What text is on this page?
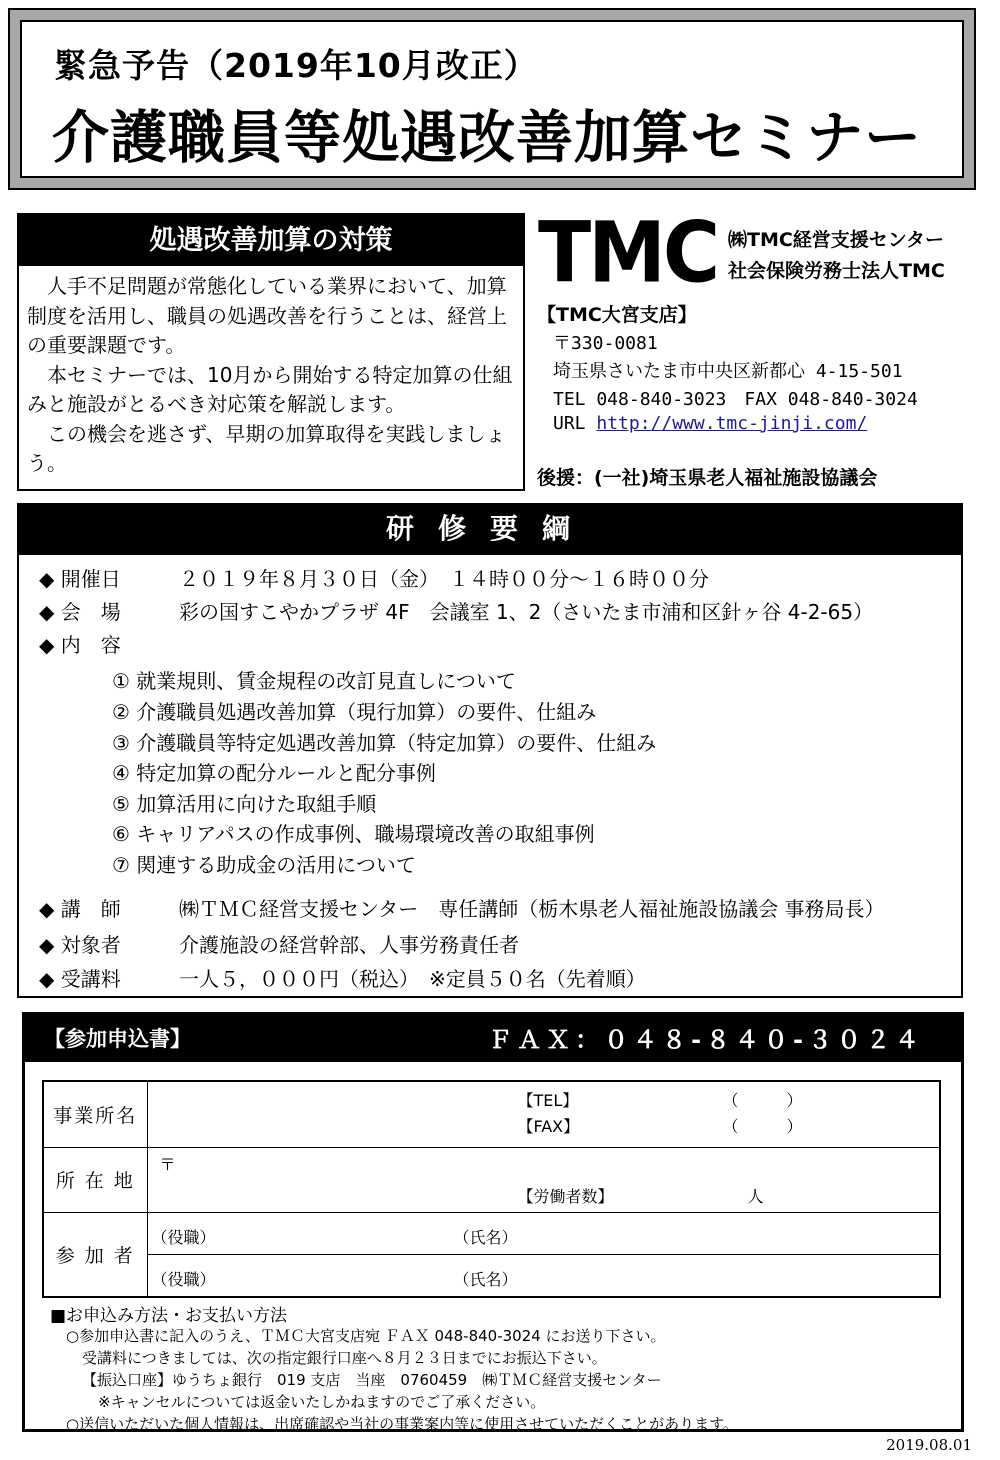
緊急予告（2019年10月改正）
介護職員等処遇改善加算セミナー
処遇改善加算の対策

人手不足問題が常態化している業界において、加算制度を活用し、職員の処遇改善を行うことは、経営上の重要課題です。

本セミナーでは、10月から開始する特定加算の仕組みと施設がとるべき対応策を解説します。

この機会を逃さず、早期の加算取得を実践しましょう。

TMC ㈱TMC経営支援センター
社会保険労務士法人TMC
【TMC大宮支店】
〒330-0081
埼玉県さいたま市中央区新都心 4-15-501
TEL 048-840-3023　FAX 048-840-3024
URL http://www.tmc-jinji.com/
後援：(一社)埼玉県老人福祉施設協議会
研修要綱
◆ 開催日	２０１９年８月３０日（金）　１４時００分～１６時００分
◆ 会　場	彩の国すこやかプラザ 4F　会議室 1、2（さいたま市浦和区針ヶ谷 4-2-65）
◆ 内　容
① 就業規則、賃金規程の改訂見直しについて
② 介護職員処遇改善加算（現行加算）の要件、仕組み
③ 介護職員等特定処遇改善加算（特定加算）の要件、仕組み
④ 特定加算の配分ルールと配分事例
⑤ 加算活用に向けた取組手順
⑥ キャリアパスの作成事例、職場環境改善の取組事例
⑦ 関連する助成金の活用について
◆ 講　師	㈱ＴＭＣ経営支援センター　専任講師（栃木県老人福祉施設協議会 事務局長）
◆ 対象者	介護施設の経営幹部、人事労務責任者
◆ 受講料	一人５，０００円（税込）　※定員５０名（先着順）
【参加申込書】	ＦＡＸ：０４８-８４０-３０２４
事業所名	【TEL】 （　　　）
【FAX】 （　　　）

所 在 地	〒
【労働者数】 人

参 加 者	（役職） （氏名）

	（役職） （氏名）
■お申込み方法・お支払い方法
○参加申込書に記入のうえ、ＴＭＣ大宮支店宛 ＦＡＸ 048-840-3024 にお送り下さい。
受講料につきましては、次の指定銀行口座へ８月２３日までにお振込下さい。
【振込口座】ゆうちょ銀行　019 支店　当座　0760459　㈱ＴＭＣ経営支援センター
※キャンセルについては返金いたしかねますのでご了承ください。
○送信いただいた個人情報は、出席確認や当社の事業案内等に使用させていただくことがあります。
2019.08.01
